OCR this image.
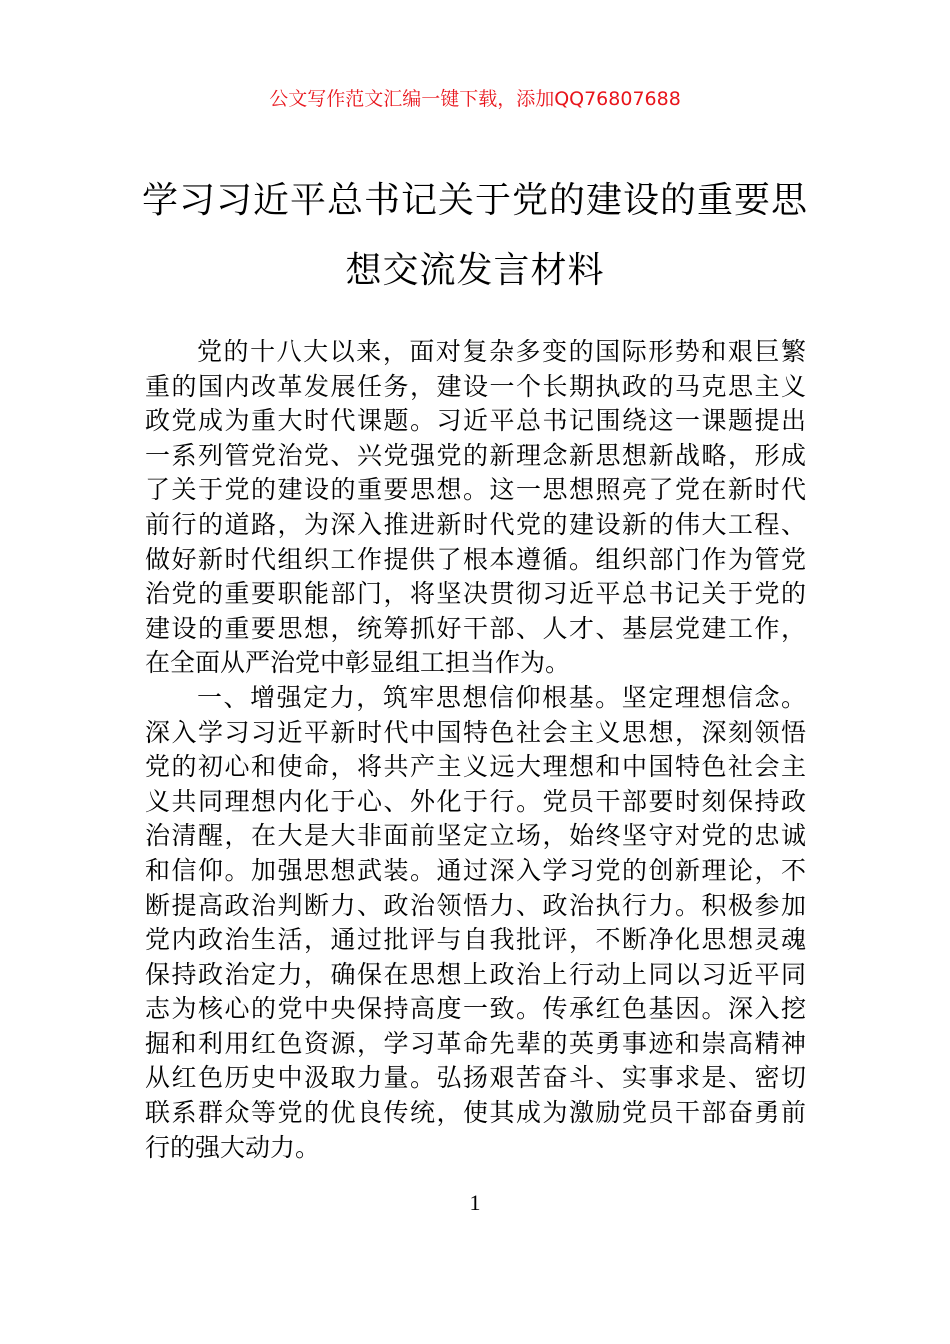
公文写作范文汇编一键下载，添加QQ76807688
学习习近平总书记关于党的建设的重要思
想交流发言材料
党的十八大以来，面对复杂多变的国际形势和艰巨繁
重的国内改革发展任务，建设一个长期执政的马克思主义
政党成为重大时代课题。习近平总书记围绕这一课题提出
一系列管党治党、兴党强党的新理念新思想新战略，形成
了关于党的建设的重要思想。这一思想照亮了党在新时代
前行的道路，为深入推进新时代党的建设新的伟大工程、
做好新时代组织工作提供了根本遵循。组织部门作为管党
治党的重要职能部门，将坚决贯彻习近平总书记关于党的
建设的重要思想，统筹抓好干部、人才、基层党建工作，
在全面从严治党中彰显组工担当作为。
一、增强定力，筑牢思想信仰根基。坚定理想信念。
深入学习习近平新时代中国特色社会主义思想，深刻领悟
党的初心和使命，将共产主义远大理想和中国特色社会主
义共同理想内化于心、外化于行。党员干部要时刻保持政
治清醒，在大是大非面前坚定立场，始终坚守对党的忠诚
和信仰。加强思想武装。通过深入学习党的创新理论，不
断提高政治判断力、政治领悟力、政治执行力。积极参加
党内政治生活，通过批评与自我批评，不断净化思想灵魂
保持政治定力，确保在思想上政治上行动上同以习近平同
志为核心的党中央保持高度一致。传承红色基因。深入挖
掘和利用红色资源，学习革命先辈的英勇事迹和崇高精神
从红色历史中汲取力量。弘扬艰苦奋斗、实事求是、密切
联系群众等党的优良传统，使其成为激励党员干部奋勇前
行的强大动力。
1
